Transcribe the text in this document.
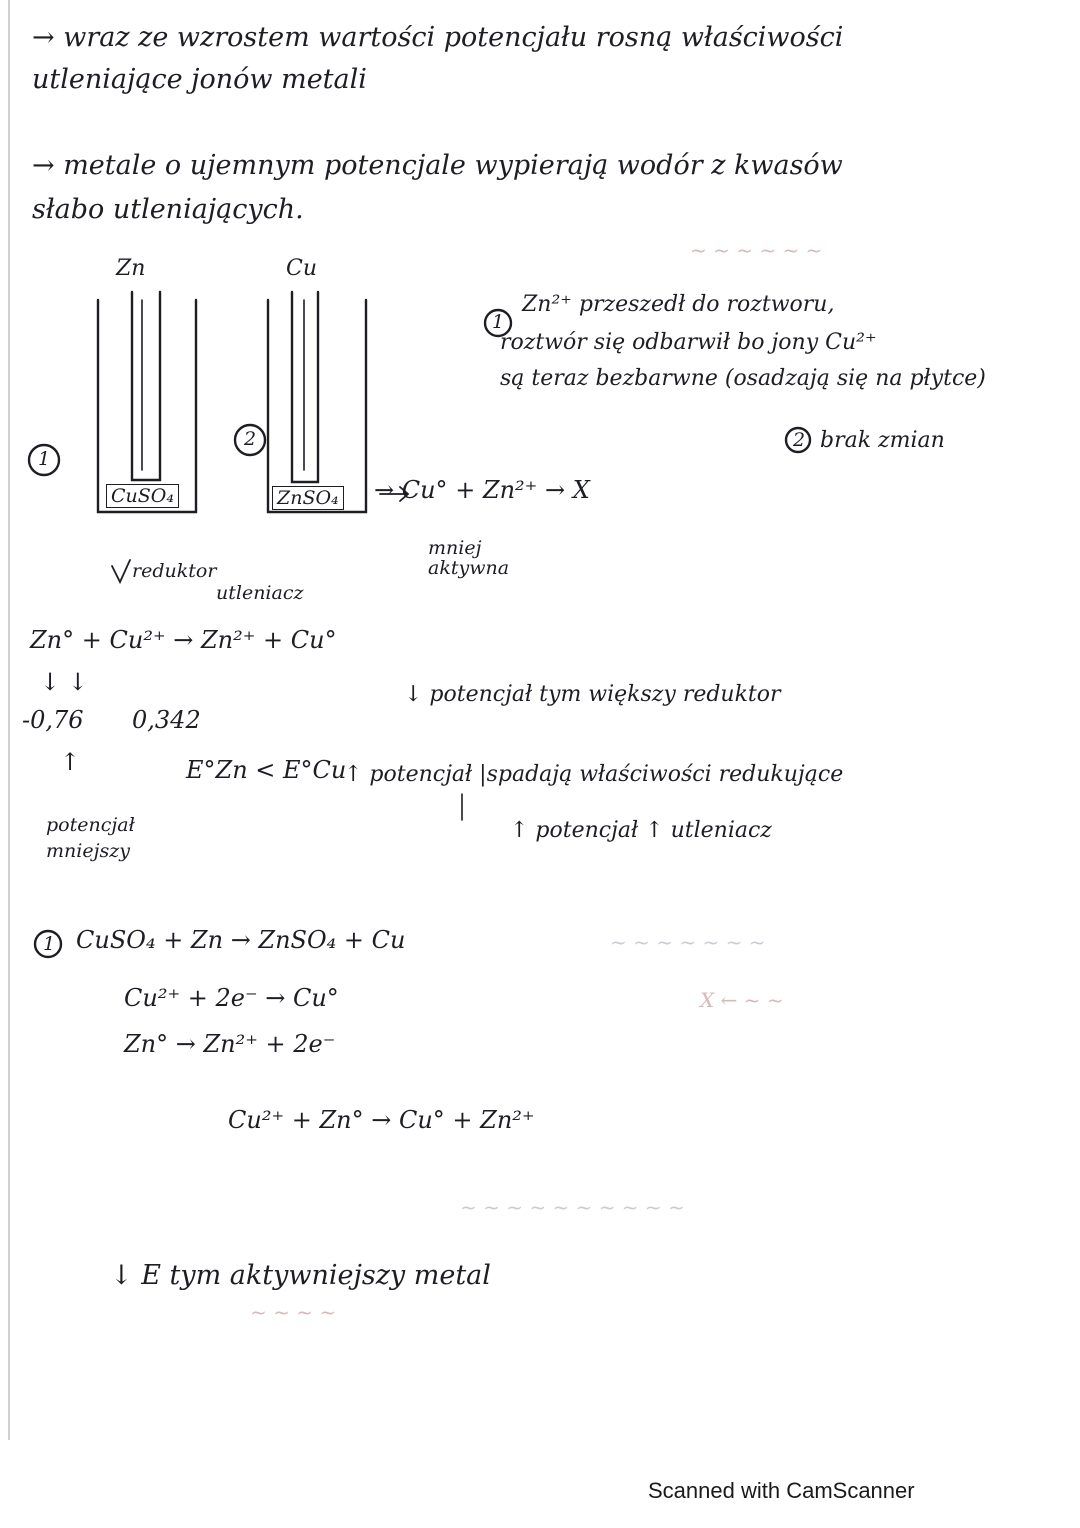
~ ~ ~ ~ ~ ~
~ ~ ~ ~ ~ ~ ~
X ← ~ ~
~ ~ ~ ~ ~ ~ ~ ~ ~ ~
~ ~ ~ ~
→ wraz ze wzrostem wartości potencjału rosną właściwości
utleniające jonów metali
→ metale o ujemnym potencjale wypierają wodór z kwasów
słabo utleniających.
Zn	Cu
1
2
CuSO₄	ZnSO₄
1
Zn²⁺ przeszedł do roztworu,
roztwór się odbarwił bo jony Cu²⁺
są teraz bezbarwne (osadzają się na płytce)
2 brak zmian
→ Cu° + Zn²⁺ → X
mniej aktywna
reduktor
utleniacz
Zn° + Cu²⁺ → Zn²⁺ + Cu°
↓ ↓
-0,76 0,342
↑	E°Zn < E°Cu
potencjał mniejszy
↓ potencjał tym większy reduktor
↑ potencjał |spadają właściwości redukujące
↑ potencjał ↑ utleniacz
1 CuSO₄ + Zn → ZnSO₄ + Cu
Cu²⁺ + 2e⁻ → Cu°
Zn° → Zn²⁺ + 2e⁻
Cu²⁺ + Zn° → Cu° + Zn²⁺
↓ E tym aktywniejszy metal
Scanned with CamScanner
